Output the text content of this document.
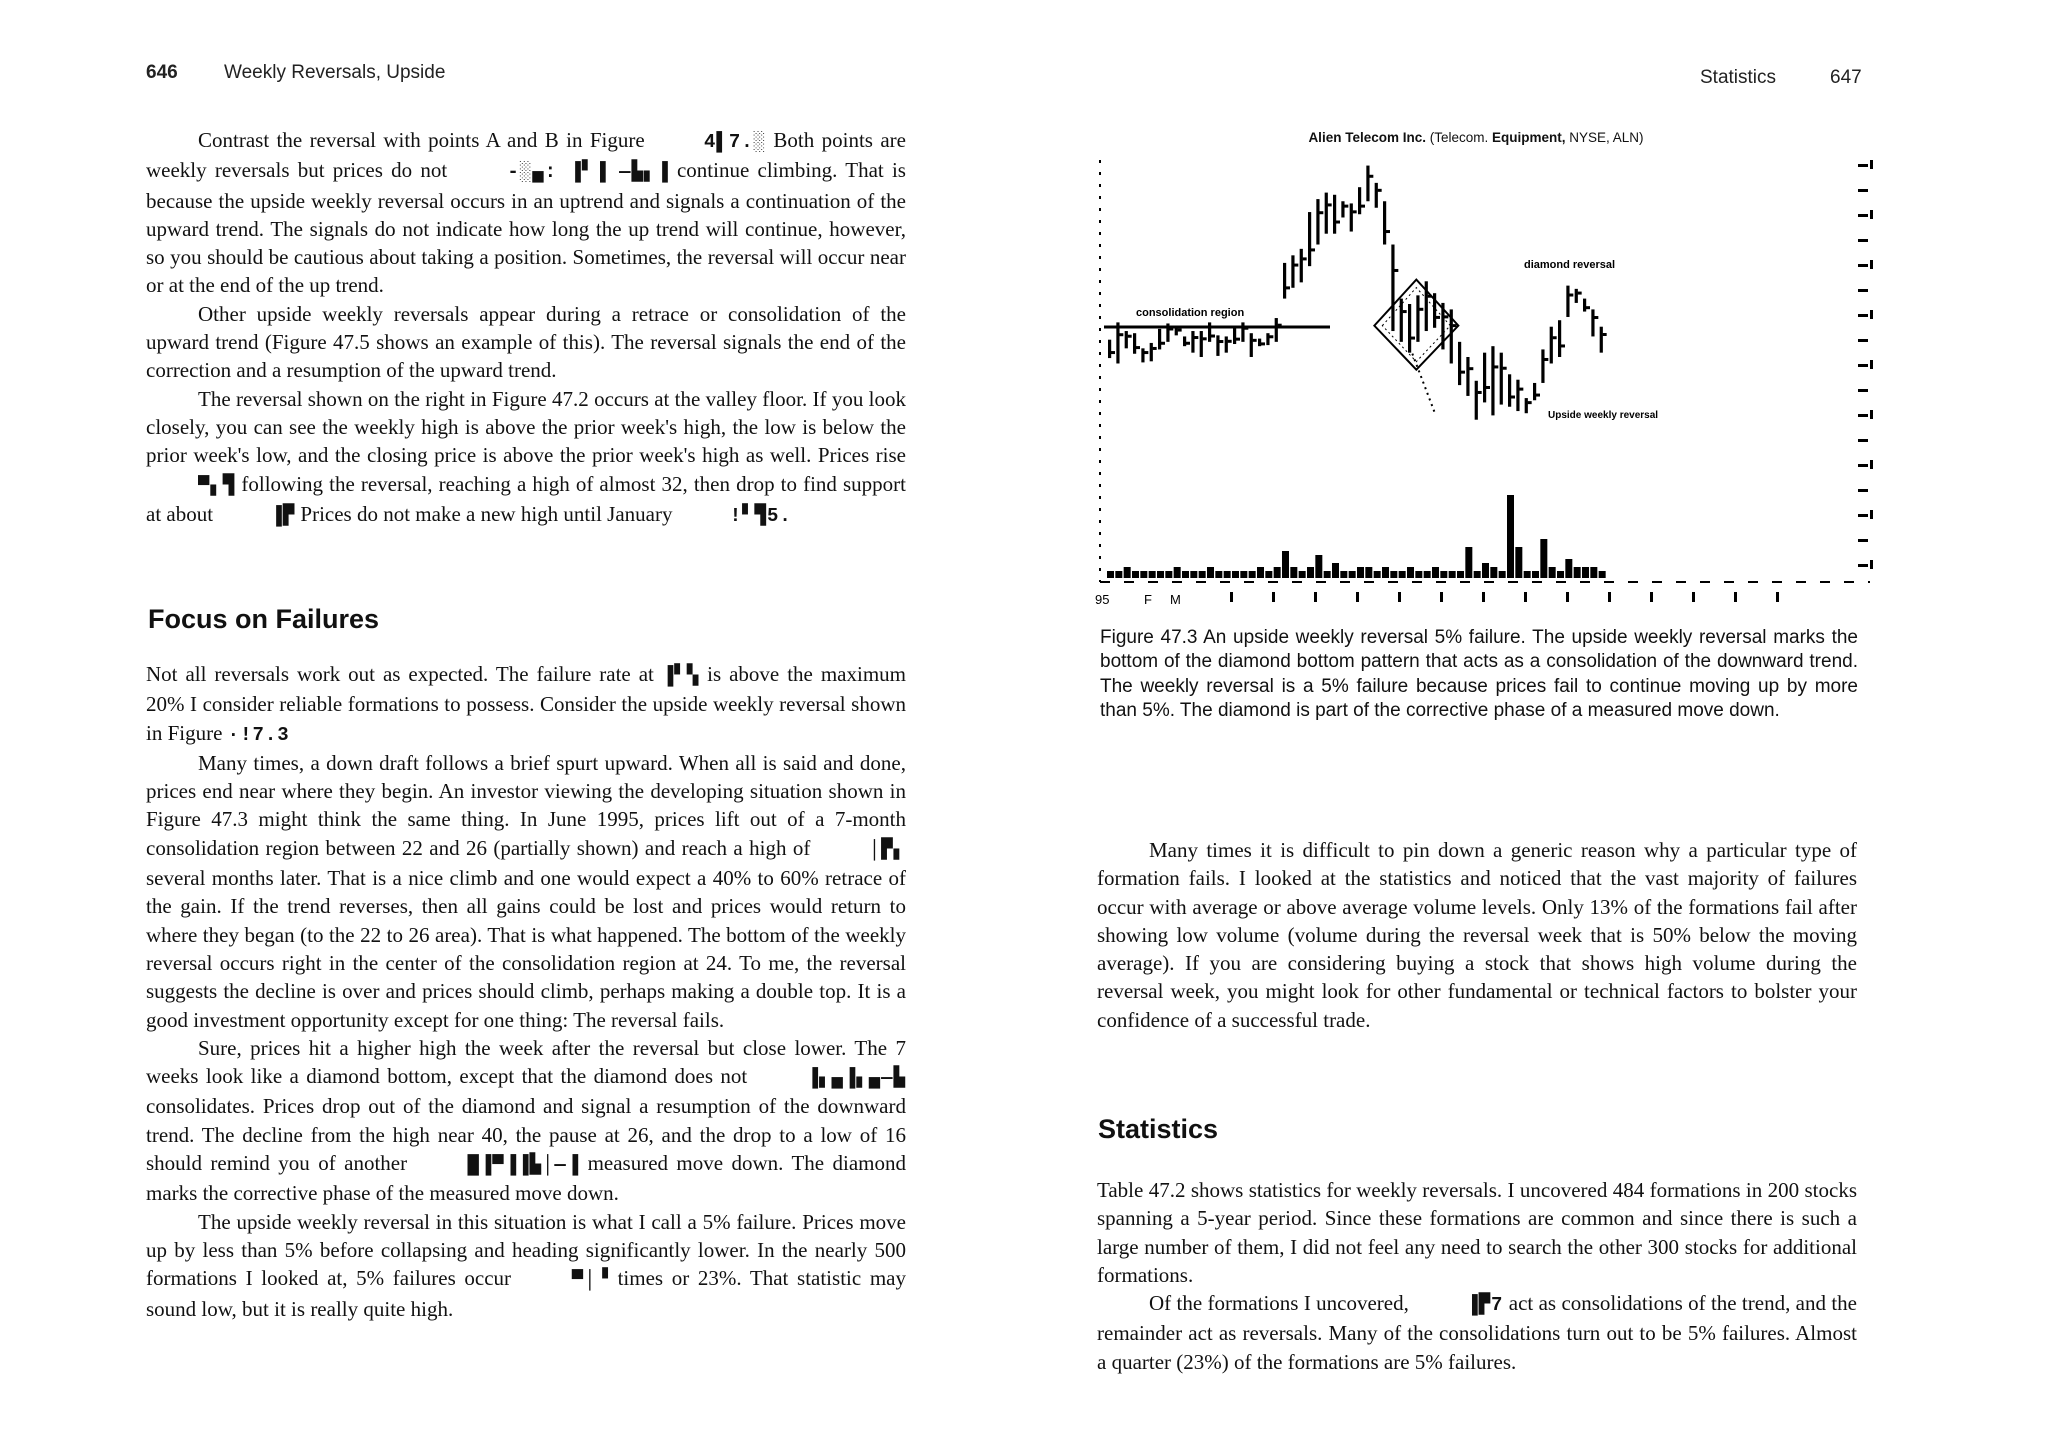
646 Weekly Reversals, Upside

Contrast the reversal with points A and B in Figure	4▌7.░ Both points are weekly reversals but prices do not	-░▄: ▐▘▐ —▙▖▐ continue climbing. That is because the upside weekly reversal occurs in an uptrend and signals a continuation of the upward trend. The signals do not indicate how long the up trend will continue, however, so you should be cautious about taking a position. Sometimes, the reversal will occur near or at the end of the up trend.

Other upside weekly reversals appear during a retrace or consolidation of the upward trend (Figure 47.5 shows an example of this). The reversal signals the end of the correction and a resumption of the upward trend.

The reversal shown on the right in Figure 47.2 occurs at the valley floor. If you look closely, you can see the weekly high is above the prior week's high, the low is below the prior week's low, and the closing price is above the prior week's high as well. Prices rise ▀▖▜ following the reversal, reaching a high of almost 32, then drop to find support at about	▐▛ Prices do not make a new high until January	!▘▜5.

Focus on Failures

Not all reversals work out as expected. The failure rate at ▐▘▚ is above the maximum 20% I consider reliable formations to possess. Consider the upside weekly reversal shown in Figure ·!7.3

Many times, a down draft follows a brief spurt upward. When all is said and done, prices end near where they begin. An investor viewing the developing situation shown in Figure 47.3 might think the same thing. In June 1995, prices lift out of a 7-month consolidation region between 22 and 26 (partially shown) and reach a high of	│▛▖ several months later. That is a nice climb and one would expect a 40% to 60% retrace of the gain. If the trend reverses, then all gains could be lost and prices would return to where they began (to the 22 to 26 area). That is what happened. The bottom of the weekly reversal occurs right in the center of the consolidation region at 24. To me, the reversal suggests the decline is over and prices should climb, perhaps making a double top. It is a good investment opportunity except for one thing: The reversal fails.

Sure, prices hit a higher high the week after the reversal but close lower. The 7 weeks look like a diamond bottom, except that the diamond does not	▐▖▄▐▖▄—▙ consolidates. Prices drop out of the diamond and signal a resumption of the downward trend. The decline from the high near 40, the pause at 26, and the drop to a low of 16 should remind you of another	█▐▀▐▐▙│—▐ measured move down. The diamond marks the corrective phase of the measured move down.

The upside weekly reversal in this situation is what I call a 5% failure. Prices move up by less than 5% before collapsing and heading significantly lower. In the nearly 500 formations I looked at, 5% failures occur	▀│▝ times or 23%. That statistic may sound low, but it is really quite high.

Statistics	647
Alien Telecom Inc. (Telecom. Equipment, NYSE, ALN)
consolidation region
diamond reversal
Upside weekly reversal
95	F M
Figure 47.3 An upside weekly reversal 5% failure. The upside weekly reversal marks the bottom of the diamond bottom pattern that acts as a consolidation of the downward trend. The weekly reversal is a 5% failure because prices fail to continue moving up by more than 5%. The diamond is part of the corrective phase of a measured move down.

Many times it is difficult to pin down a generic reason why a particular type of formation fails. I looked at the statistics and noticed that the vast majority of failures occur with average or above average volume levels. Only 13% of the formations fail after showing low volume (volume during the reversal week that is 50% below the moving average). If you are considering buying a stock that shows high volume during the reversal week, you might look for other fundamental or technical factors to bolster your confidence of a successful trade.

Statistics

Table 47.2 shows statistics for weekly reversals. I uncovered 484 formations in 200 stocks spanning a 5-year period. Since these formations are common and since there is such a large number of them, I did not feel any need to search the other 300 stocks for additional formations.

Of the formations I uncovered,	▐▛7 act as consolidations of the trend, and the remainder act as reversals. Many of the consolidations turn out to be 5% failures. Almost a quarter (23%) of the formations are 5% failures.
